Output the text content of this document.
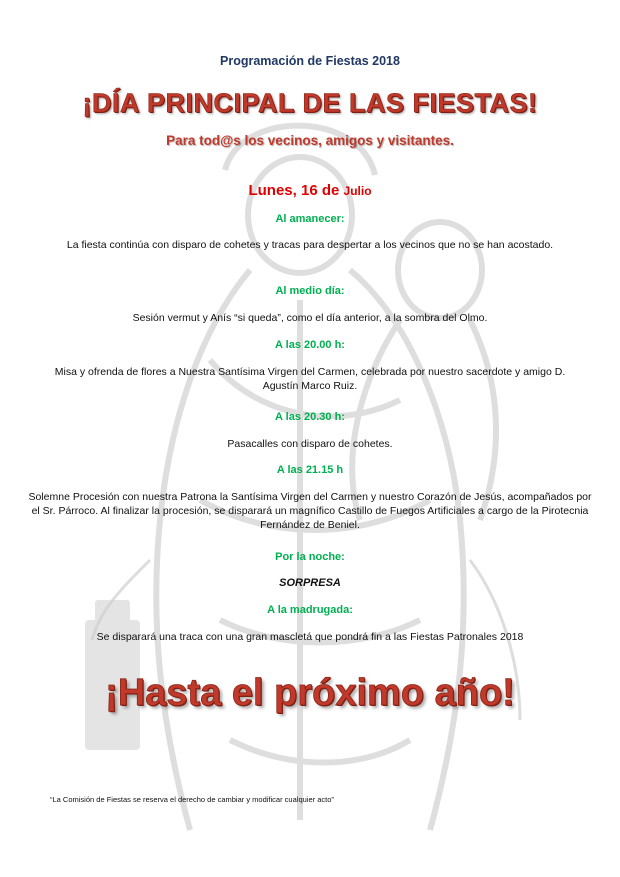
Programación de Fiestas 2018
¡DÍA PRINCIPAL DE LAS FIESTAS!
Para tod@s los vecinos, amigos y visitantes.
Lunes, 16 de Julio
Al amanecer:
La fiesta continúa con disparo de cohetes y tracas para despertar a los vecinos que no se han acostado.
Al medio día:
Sesión vermut y Anís “si queda”, como el día anterior, a la sombra del Olmo.
A las 20.00 h:
Misa y ofrenda de flores a Nuestra Santísima Virgen del Carmen, celebrada por nuestro sacerdote y amigo D. Agustín Marco Ruiz.
A las 20.30 h:
Pasacalles con disparo de cohetes.
A las 21.15 h
Solemne Procesión con nuestra Patrona la Santísima Virgen del Carmen y nuestro Corazón de Jesús, acompañados por el Sr. Párroco. Al finalizar la procesión, se disparará un magnífico Castillo de Fuegos Artificiales a cargo de la Pirotecnia Fernández de Beniel.
Por la noche:
SORPRESA
A la madrugada:
Se disparará una traca con una gran mascletá que pondrá fin a las Fiestas Patronales 2018
¡Hasta el próximo año!
“La Comisión de Fiestas se reserva el derecho de cambiar y modificar cualquier acto”
